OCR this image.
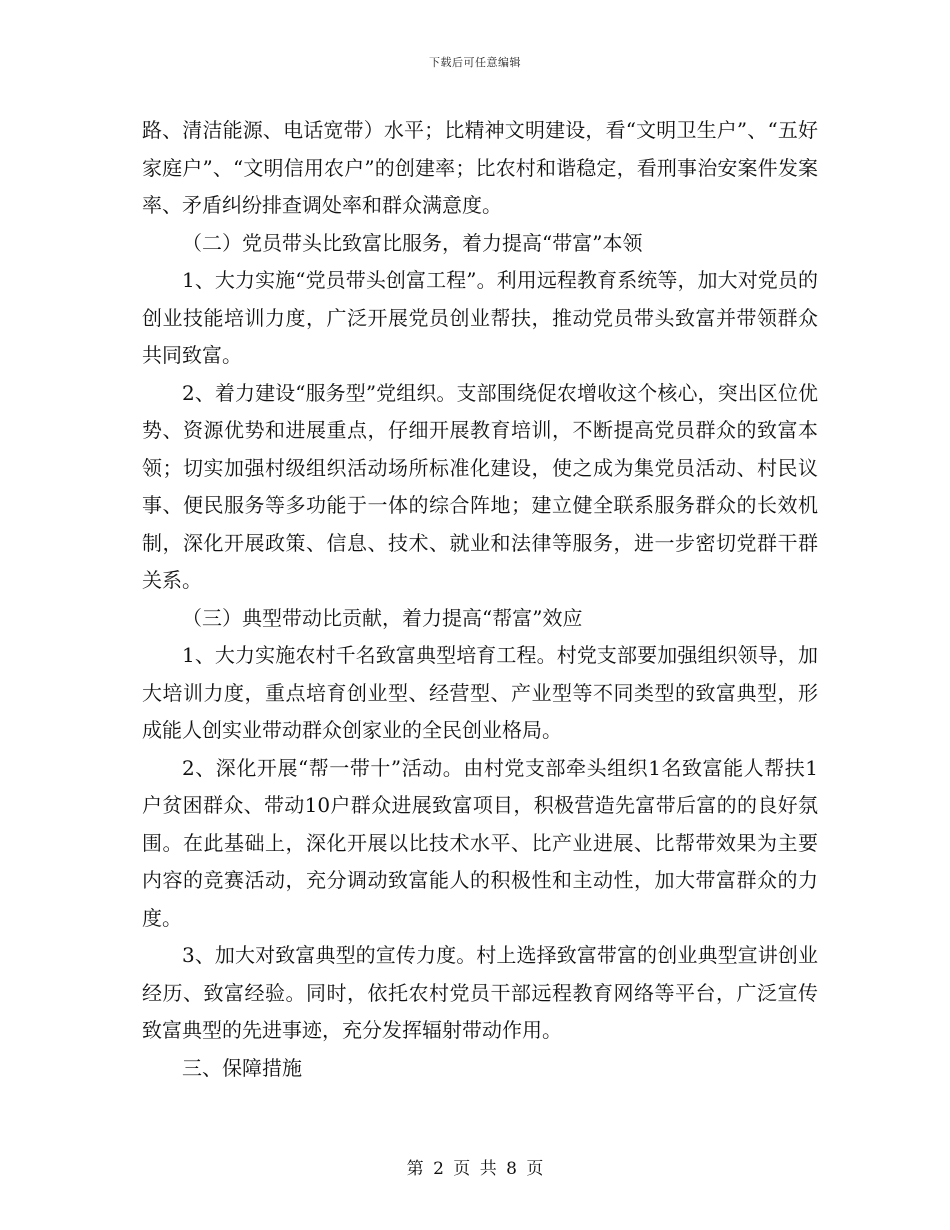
下载后可任意编辑

路、清洁能源、电话宽带）水平；比精神文明建设，看“文明卫生户”、“五好家庭户”、“文明信用农户”的创建率；比农村和谐稳定，看刑事治安案件发案率、矛盾纠纷排查调处率和群众满意度。

（二）党员带头比致富比服务，着力提高“带富”本领

1、大力实施“党员带头创富工程”。利用远程教育系统等，加大对党员的创业技能培训力度，广泛开展党员创业帮扶，推动党员带头致富并带领群众共同致富。

2、着力建设“服务型”党组织。支部围绕促农增收这个核心，突出区位优势、资源优势和进展重点，仔细开展教育培训，不断提高党员群众的致富本领；切实加强村级组织活动场所标准化建设，使之成为集党员活动、村民议事、便民服务等多功能于一体的综合阵地；建立健全联系服务群众的长效机制，深化开展政策、信息、技术、就业和法律等服务，进一步密切党群干群关系。

（三）典型带动比贡献，着力提高“帮富”效应

1、大力实施农村千名致富典型培育工程。村党支部要加强组织领导，加大培训力度，重点培育创业型、经营型、产业型等不同类型的致富典型，形成能人创实业带动群众创家业的全民创业格局。

2、深化开展“帮一带十”活动。由村党支部牵头组织1名致富能人帮扶1户贫困群众、带动10户群众进展致富项目，积极营造先富带后富的的良好氛围。在此基础上，深化开展以比技术水平、比产业进展、比帮带效果为主要内容的竞赛活动，充分调动致富能人的积极性和主动性，加大带富群众的力度。

3、加大对致富典型的宣传力度。村上选择致富带富的创业典型宣讲创业经历、致富经验。同时，依托农村党员干部远程教育网络等平台，广泛宣传致富典型的先进事迹，充分发挥辐射带动作用。

三、保障措施

第 2 页 共 8 页
